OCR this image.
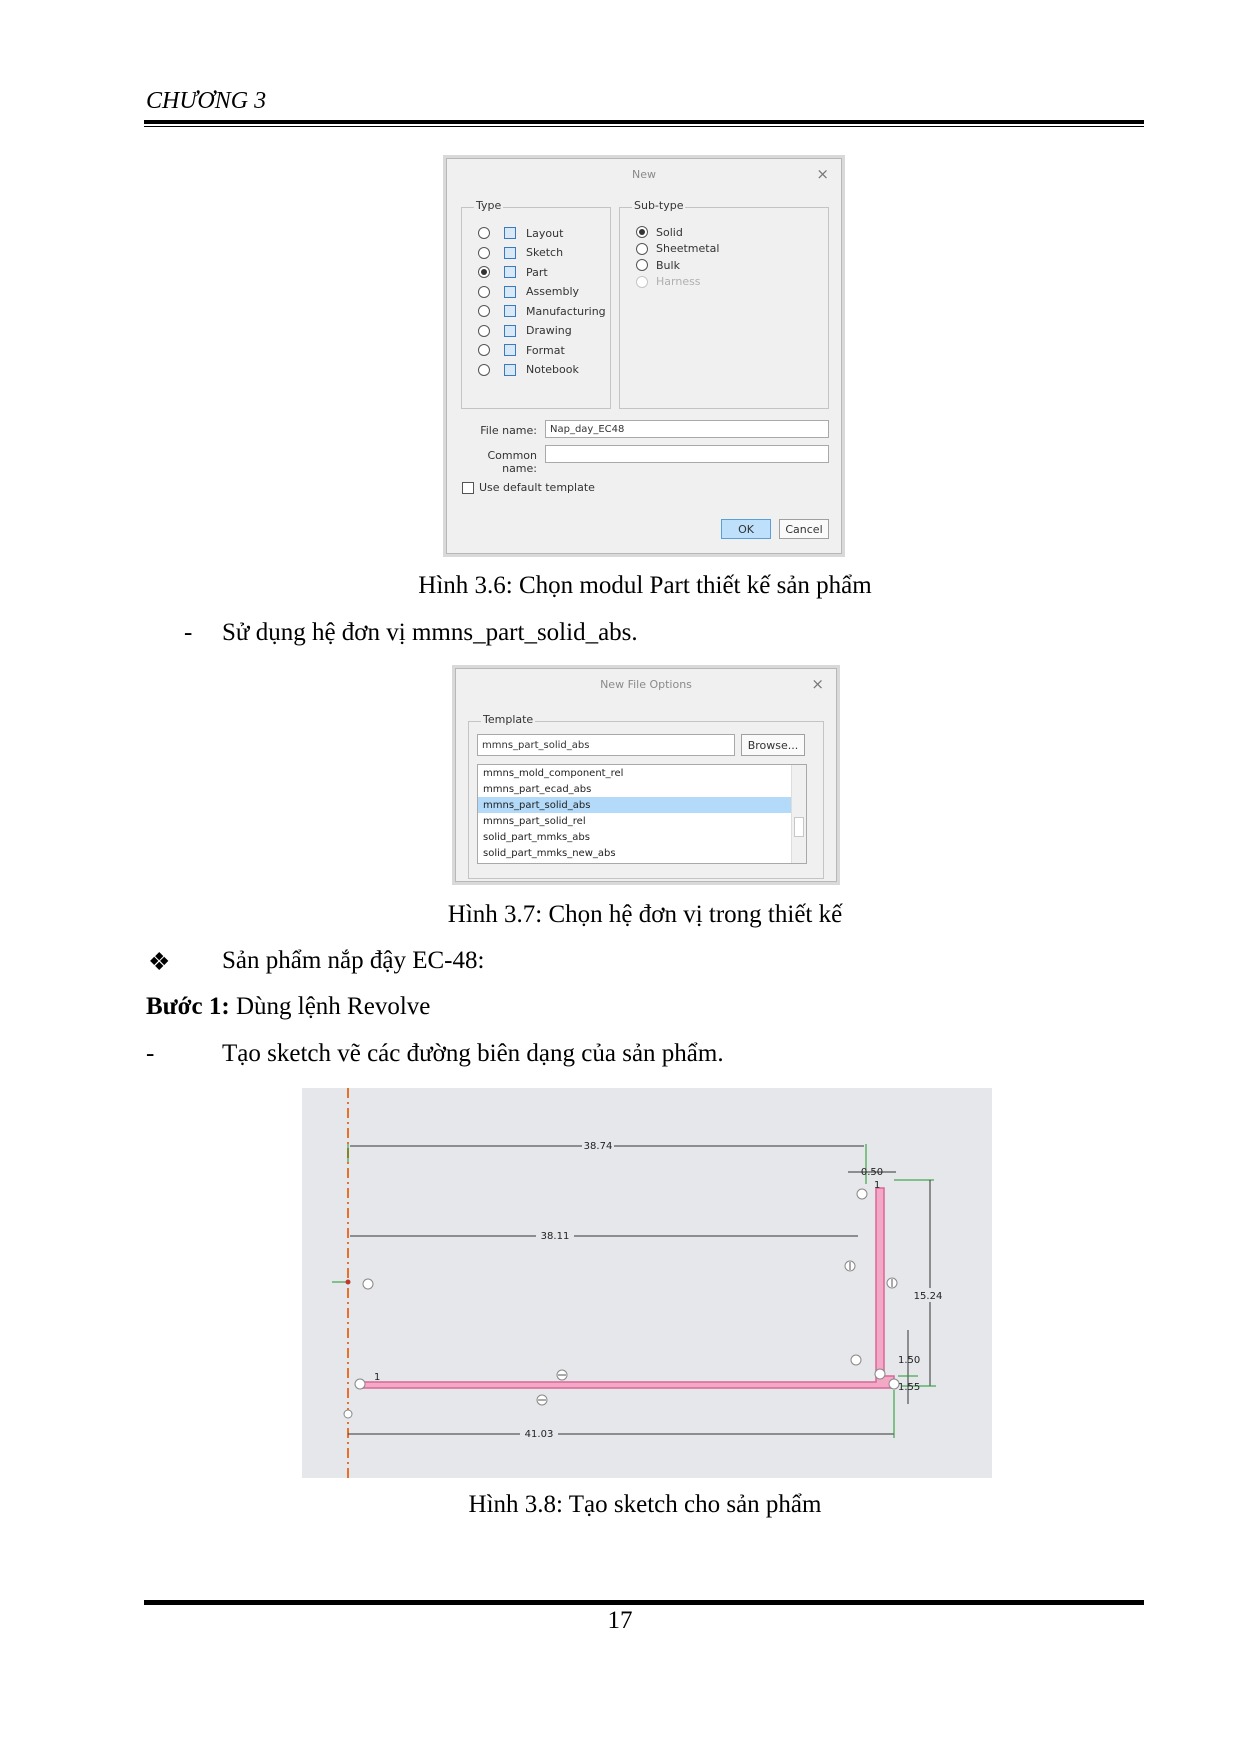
CHƯƠNG 3
New	×
Type
Layout
Sketch
Part
Assembly
Manufacturing
Drawing
Format
Notebook
Sub-type
Solid
Sheetmetal
Bulk
Harness
File name:	Nap_day_EC48
Common name:
Use default template
OK	Cancel
Hình 3.6: Chọn modul Part thiết kế sản phẩm
- Sử dụng hệ đơn vị mmns_part_solid_abs.
New File Options	×
Template
mmns_part_solid_abs	Browse...
mmns_mold_component_rel
mmns_part_ecad_abs
mmns_part_solid_abs
mmns_part_solid_rel
solid_part_mmks_abs
solid_part_mmks_new_abs
Hình 3.7: Chọn hệ đơn vị trong thiết kế
❖ Sản phẩm nắp đậy EC-48:
Bước 1: Dùng lệnh Revolve
-	Tạo sketch vẽ các đường biên dạng của sản phẩm.
38.74
0.50
38.11
15.24
1.50
1.55
41.03
1
1
Hình 3.8: Tạo sketch cho sản phẩm
17
